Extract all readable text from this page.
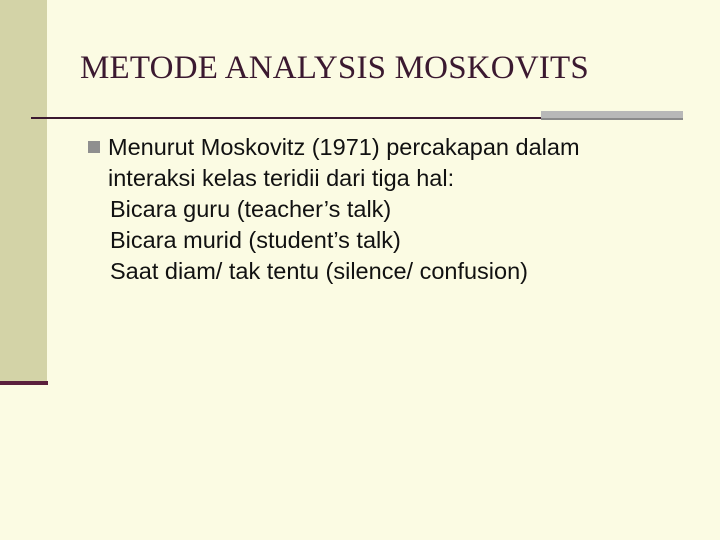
METODE ANALYSIS MOSKOVITS
Menurut Moskovitz (1971) percakapan dalam
interaksi kelas teridii dari tiga hal:
Bicara guru (teacher’s talk)
Bicara murid (student’s talk)
Saat diam/ tak tentu (silence/ confusion)
